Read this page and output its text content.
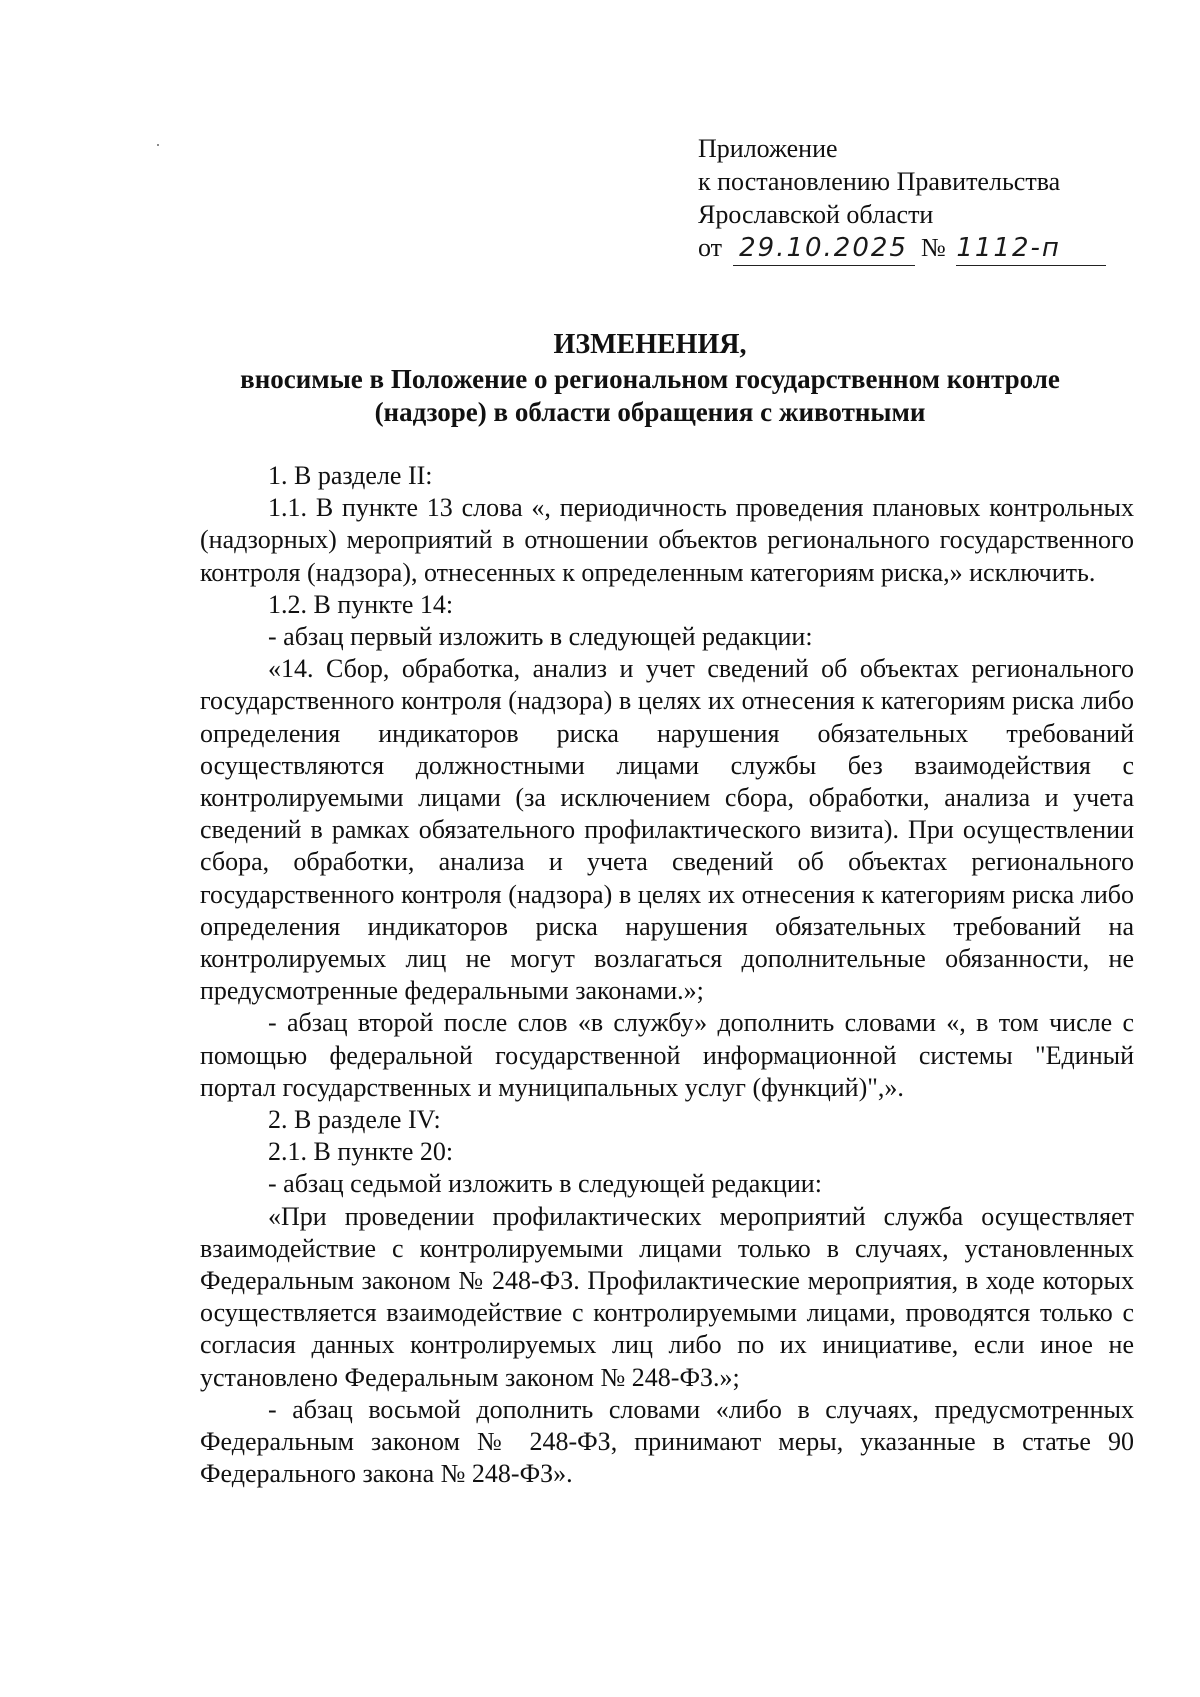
Приложение
к постановлению Правительства
Ярославской области
от 29.10.2025 № 1112-п
ИЗМЕНЕНИЯ,
вносимые в Положение о региональном государственном контроле
(надзоре) в области обращения с животными

1. В разделе II:

1.1. В пункте 13 слова «, периодичность проведения плановых контрольных (надзорных) мероприятий в отношении объектов регионального государственного контроля (надзора), отнесенных к определенным категориям риска,» исключить.

1.2. В пункте 14:

- абзац первый изложить в следующей редакции:

«14. Сбор, обработка, анализ и учет сведений об объектах регионального государственного контроля (надзора) в целях их отнесения к категориям риска либо определения индикаторов риска нарушения обязательных требований осуществляются должностными лицами службы без взаимодействия с контролируемыми лицами (за исключением сбора, обработки, анализа и учета сведений в рамках обязательного профилактического визита). При осуществлении сбора, обработки, анализа и учета сведений об объектах регионального государственного контроля (надзора) в целях их отнесения к категориям риска либо определения индикаторов риска нарушения обязательных требований на контролируемых лиц не могут возлагаться дополнительные обязанности, не предусмотренные федеральными законами.»;

- абзац второй после слов «в службу» дополнить словами «, в том числе с помощью федеральной государственной информационной системы "Единый портал государственных и муниципальных услуг (функций)",».

2. В разделе IV:

2.1. В пункте 20:

- абзац седьмой изложить в следующей редакции:

«При проведении профилактических мероприятий служба осуществляет взаимодействие с контролируемыми лицами только в случаях, установленных Федеральным законом № 248-ФЗ. Профилактические мероприятия, в ходе которых осуществляется взаимодействие с контролируемыми лицами, проводятся только с согласия данных контролируемых лиц либо по их инициативе, если иное не установлено Федеральным законом № 248-ФЗ.»;

- абзац восьмой дополнить словами «либо в случаях, предусмотренных Федеральным законом № 248-ФЗ, принимают меры, указанные в статье 90 Федерального закона № 248-ФЗ».
